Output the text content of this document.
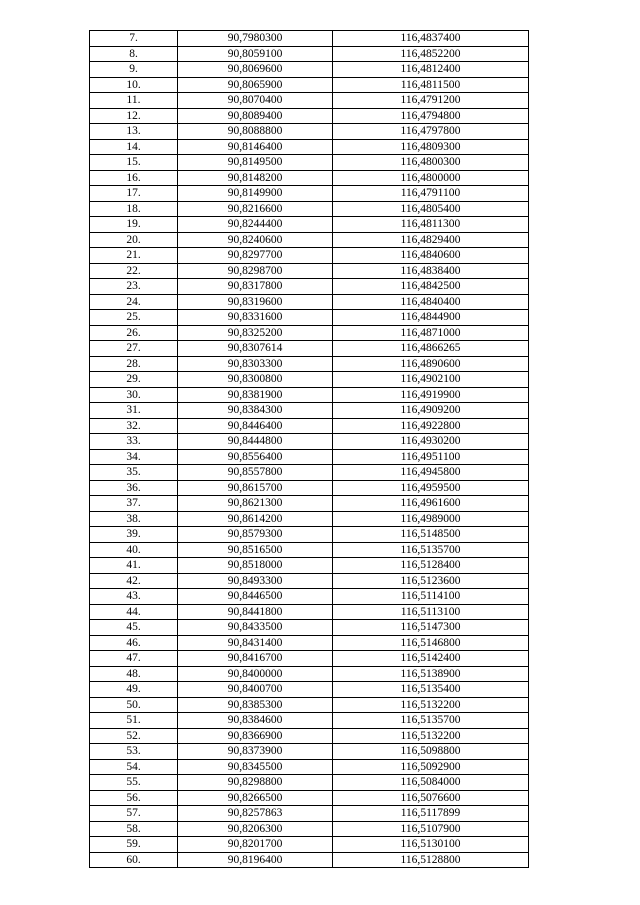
7.	90,7980300	116,4837400
8.	90,8059100	116,4852200
9.	90,8069600	116,4812400
10.	90,8065900	116,4811500
11.	90,8070400	116,4791200
12.	90,8089400	116,4794800
13.	90,8088800	116,4797800
14.	90,8146400	116,4809300
15.	90,8149500	116,4800300
16.	90,8148200	116,4800000
17.	90,8149900	116,4791100
18.	90,8216600	116,4805400
19.	90,8244400	116,4811300
20.	90,8240600	116,4829400
21.	90,8297700	116,4840600
22.	90,8298700	116,4838400
23.	90,8317800	116,4842500
24.	90,8319600	116,4840400
25.	90,8331600	116,4844900
26.	90,8325200	116,4871000
27.	90,8307614	116,4866265
28.	90,8303300	116,4890600
29.	90,8300800	116,4902100
30.	90,8381900	116,4919900
31.	90,8384300	116,4909200
32.	90,8446400	116,4922800
33.	90,8444800	116,4930200
34.	90,8556400	116,4951100
35.	90,8557800	116,4945800
36.	90,8615700	116,4959500
37.	90,8621300	116,4961600
38.	90,8614200	116,4989000
39.	90,8579300	116,5148500
40.	90,8516500	116,5135700
41.	90,8518000	116,5128400
42.	90,8493300	116,5123600
43.	90,8446500	116,5114100
44.	90,8441800	116,5113100
45.	90,8433500	116,5147300
46.	90,8431400	116,5146800
47.	90,8416700	116,5142400
48.	90,8400000	116,5138900
49.	90,8400700	116,5135400
50.	90,8385300	116,5132200
51.	90,8384600	116,5135700
52.	90,8366900	116,5132200
53.	90,8373900	116,5098800
54.	90,8345500	116,5092900
55.	90,8298800	116,5084000
56.	90,8266500	116,5076600
57.	90,8257863	116,5117899
58.	90,8206300	116,5107900
59.	90,8201700	116,5130100
60.	90,8196400	116,5128800
